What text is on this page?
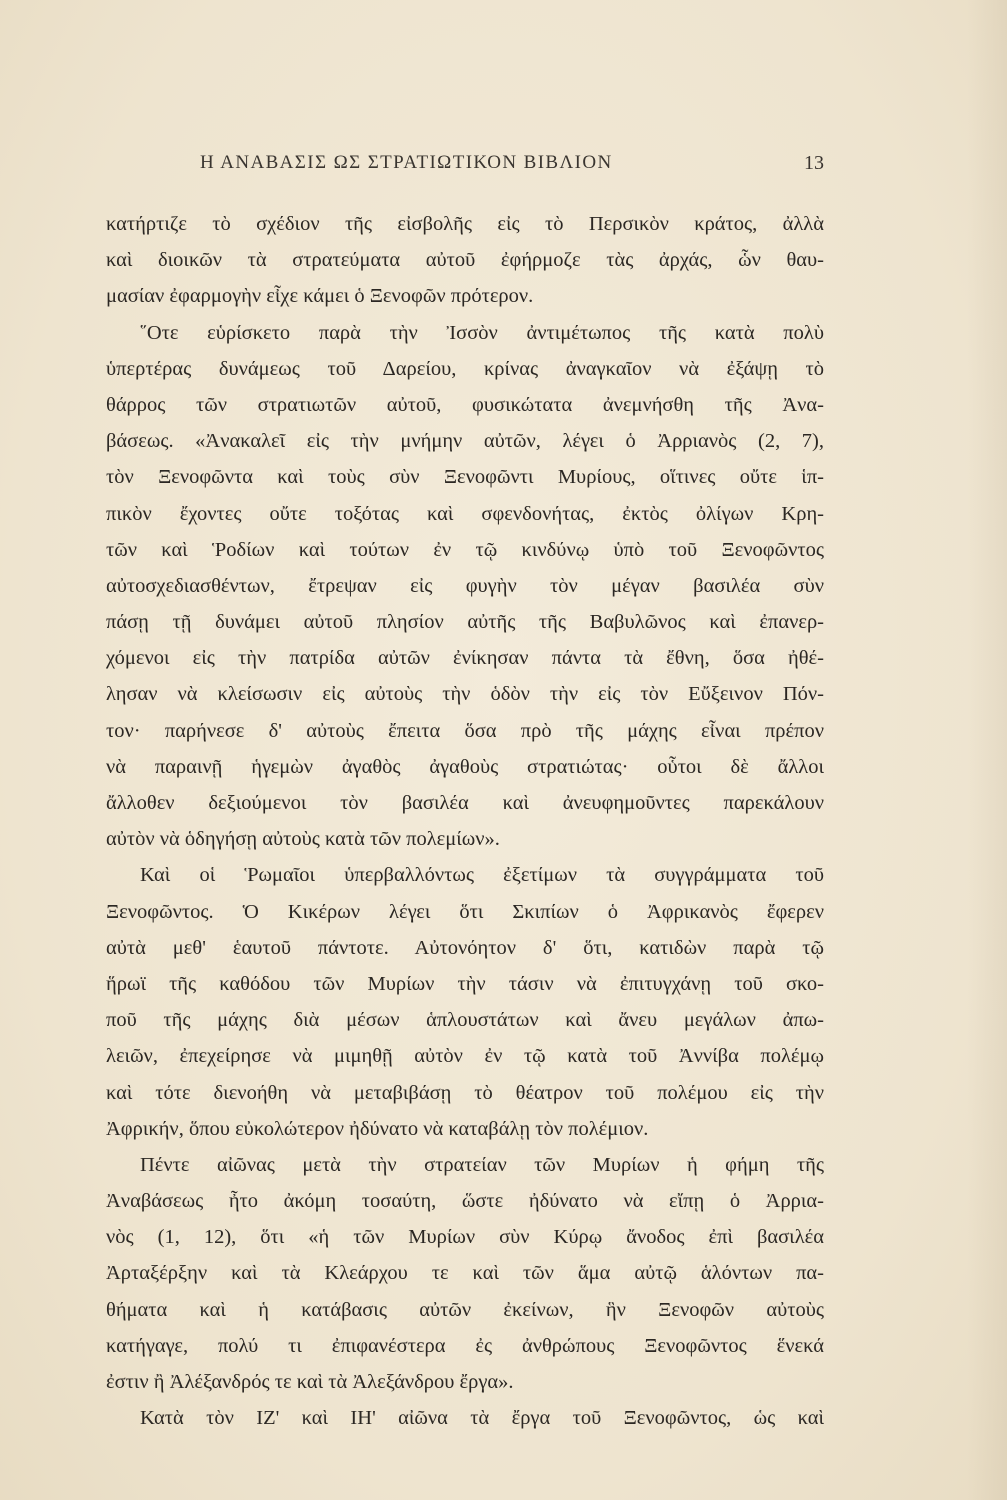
Η ΑΝΑΒΑΣΙΣ ΩΣ ΣΤΡΑΤΙΩΤΙΚΟΝ ΒΙΒΛΙΟΝ	13
κατήρτιζε τὸ σχέδιον τῆς εἰσβολῆς εἰς τὸ Περσικὸν κράτος, ἀλλὰ
καὶ διοικῶν τὰ στρατεύματα αὐτοῦ ἐφήρμοζε τὰς ἀρχάς, ὧν θαυ-
μασίαν ἐφαρμογὴν εἶχε κάμει ὁ Ξενοφῶν πρότερον.
῞Οτε εὑρίσκετο παρὰ τὴν Ἰσσὸν ἀντιμέτωπος τῆς κατὰ πολὺ
ὑπερτέρας δυνάμεως τοῦ Δαρείου, κρίνας ἀναγκαῖον νὰ ἐξάψῃ τὸ
θάρρος τῶν στρατιωτῶν αὐτοῦ, φυσικώτατα ἀνεμνήσθη τῆς Ἀνα-
βάσεως. «Ἀνακαλεῖ εἰς τὴν μνήμην αὐτῶν, λέγει ὁ Ἀρριανὸς (2, 7),
τὸν Ξενοφῶντα καὶ τοὺς σὺν Ξενοφῶντι Μυρίους, οἵτινες οὔτε ἱπ-
πικὸν ἔχοντες οὔτε τοξότας καὶ σφενδονήτας, ἐκτὸς ὀλίγων Κρη-
τῶν καὶ Ῥοδίων καὶ τούτων ἐν τῷ κινδύνῳ ὑπὸ τοῦ Ξενοφῶντος
αὐτοσχεδιασθέντων, ἔτρεψαν εἰς φυγὴν τὸν μέγαν βασιλέα σὺν
πάσῃ τῇ δυνάμει αὐτοῦ πλησίον αὐτῆς τῆς Βαβυλῶνος καὶ ἐπανερ-
χόμενοι εἰς τὴν πατρίδα αὐτῶν ἐνίκησαν πάντα τὰ ἔθνη, ὅσα ἠθέ-
λησαν νὰ κλείσωσιν εἰς αὐτοὺς τὴν ὁδὸν τὴν εἰς τὸν Εὔξεινον Πόν-
τον· παρήνεσε δ' αὐτοὺς ἔπειτα ὅσα πρὸ τῆς μάχης εἶναι πρέπον
νὰ παραινῇ ἡγεμὼν ἀγαθὸς ἀγαθοὺς στρατιώτας· οὗτοι δὲ ἄλλοι
ἄλλοθεν δεξιούμενοι τὸν βασιλέα καὶ ἀνευφημοῦντες παρεκάλουν
αὐτὸν νὰ ὁδηγήσῃ αὐτοὺς κατὰ τῶν πολεμίων».
Καὶ οἱ Ῥωμαῖοι ὑπερβαλλόντως ἐξετίμων τὰ συγγράμματα τοῦ
Ξενοφῶντος. Ὁ Κικέρων λέγει ὅτι Σκιπίων ὁ Ἀφρικανὸς ἔφερεν
αὐτὰ μεθ' ἑαυτοῦ πάντοτε. Αὐτονόητον δ' ὅτι, κατιδὼν παρὰ τῷ
ἥρωϊ τῆς καθόδου τῶν Μυρίων τὴν τάσιν νὰ ἐπιτυγχάνῃ τοῦ σκο-
ποῦ τῆς μάχης διὰ μέσων ἁπλουστάτων καὶ ἄνευ μεγάλων ἀπω-
λειῶν, ἐπεχείρησε νὰ μιμηθῇ αὐτὸν ἐν τῷ κατὰ τοῦ Ἀννίβα πολέμῳ
καὶ τότε διενοήθη νὰ μεταβιβάσῃ τὸ θέατρον τοῦ πολέμου εἰς τὴν
Ἀφρικήν, ὅπου εὐκολώτερον ἠδύνατο νὰ καταβάλῃ τὸν πολέμιον.
Πέντε αἰῶνας μετὰ τὴν στρατείαν τῶν Μυρίων ἡ φήμη τῆς
Ἀναβάσεως ἦτο ἀκόμη τοσαύτη, ὥστε ἠδύνατο νὰ εἴπῃ ὁ Ἀρρια-
νὸς (1, 12), ὅτι «ἡ τῶν Μυρίων σὺν Κύρῳ ἄνοδος ἐπὶ βασιλέα
Ἀρταξέρξην καὶ τὰ Κλεάρχου τε καὶ τῶν ἅμα αὐτῷ ἁλόντων πα-
θήματα καὶ ἡ κατάβασις αὐτῶν ἐκείνων, ἣν Ξενοφῶν αὐτοὺς
κατήγαγε, πολύ τι ἐπιφανέστερα ἐς ἀνθρώπους Ξενοφῶντος ἕνεκά
ἐστιν ἢ Ἀλέξανδρός τε καὶ τὰ Ἀλεξάνδρου ἔργα».
Κατὰ τὸν ΙΖ' καὶ ΙΗ' αἰῶνα τὰ ἔργα τοῦ Ξενοφῶντος, ὡς καὶ
